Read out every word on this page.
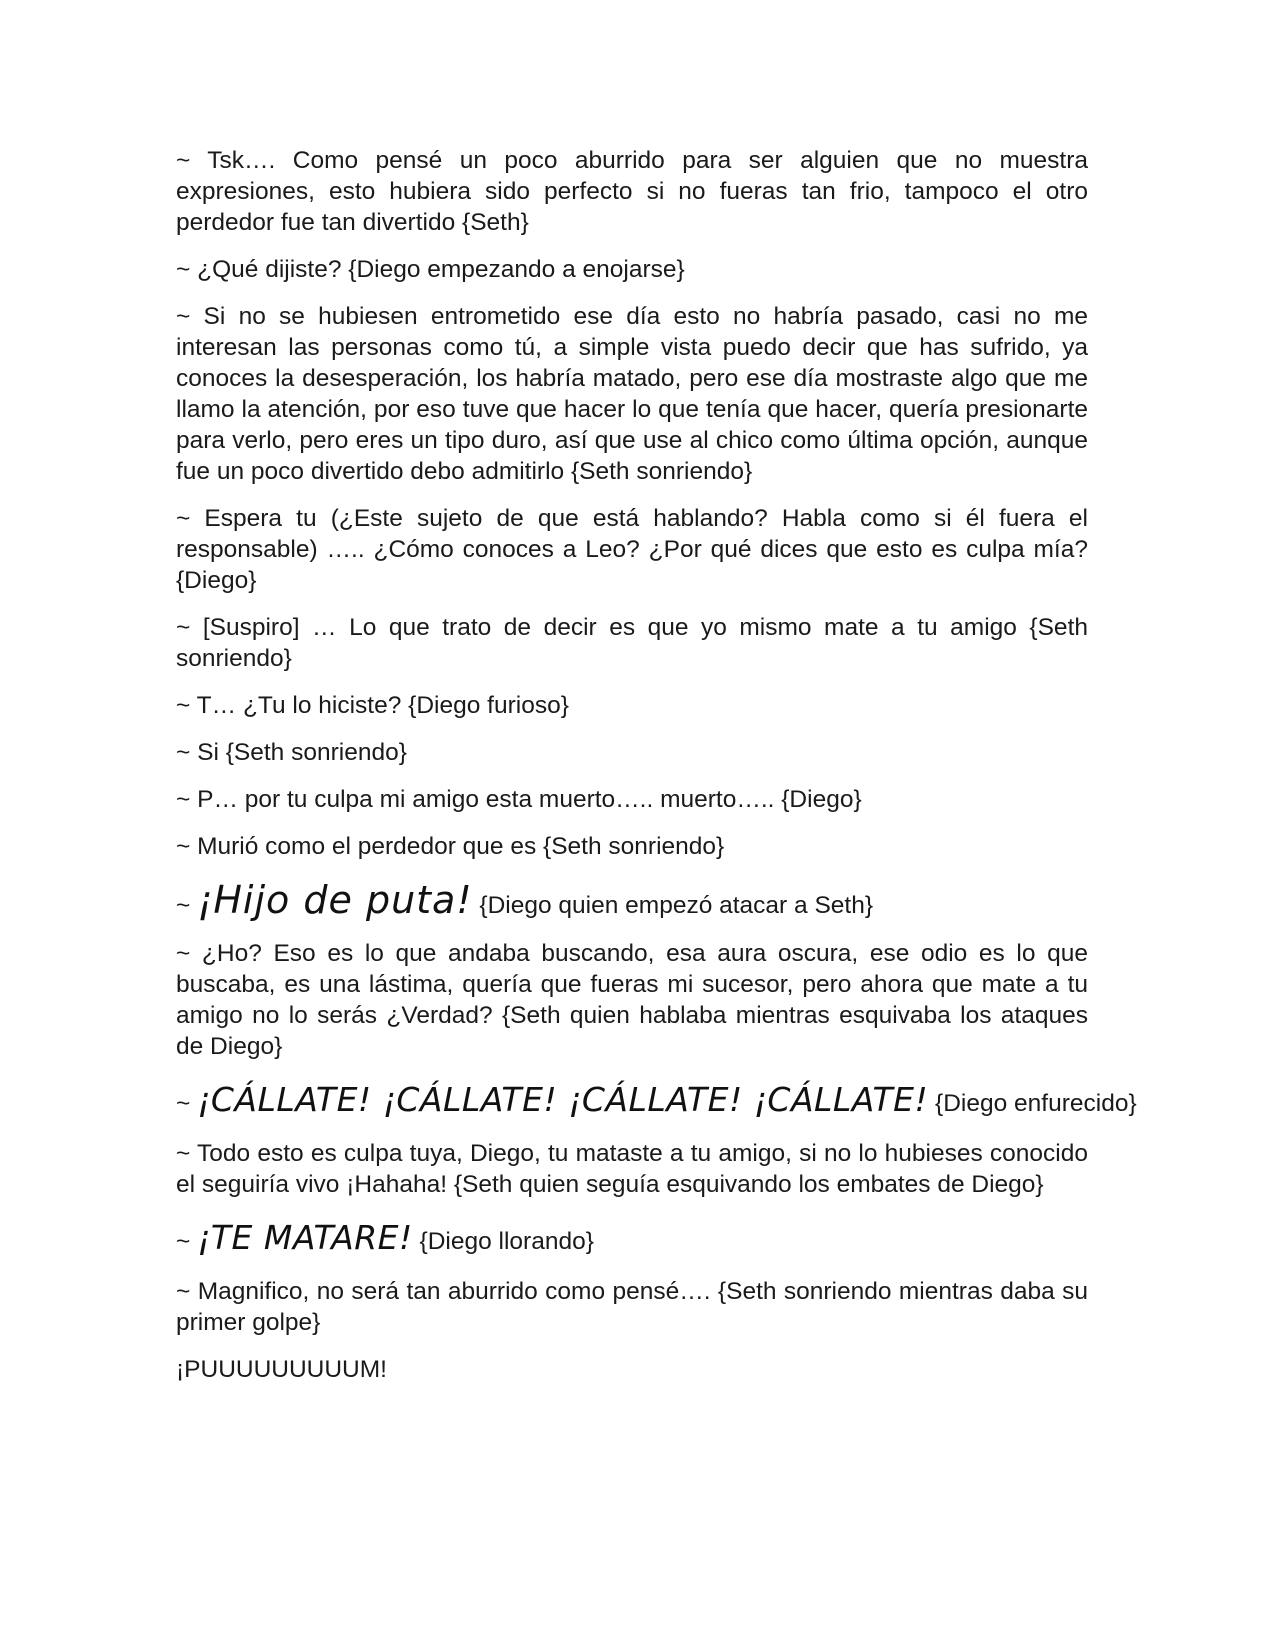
~ Tsk…. Como pensé un poco aburrido para ser alguien que no muestra expresiones, esto hubiera sido perfecto si no fueras tan frio, tampoco el otro perdedor fue tan divertido {Seth}

~ ¿Qué dijiste? {Diego empezando a enojarse}

~ Si no se hubiesen entrometido ese día esto no habría pasado, casi no me interesan las personas como tú, a simple vista puedo decir que has sufrido, ya conoces la desesperación, los habría matado, pero ese día mostraste algo que me llamo la atención, por eso tuve que hacer lo que tenía que hacer, quería presionarte para verlo, pero eres un tipo duro, así que use al chico como última opción, aunque fue un poco divertido debo admitirlo {Seth sonriendo}

~ Espera tu (¿Este sujeto de que está hablando? Habla como si él fuera el responsable) ….. ¿Cómo conoces a Leo? ¿Por qué dices que esto es culpa mía? {Diego}

~ [Suspiro] … Lo que trato de decir es que yo mismo mate a tu amigo {Seth sonriendo}

~ T… ¿Tu lo hiciste? {Diego furioso}

~ Si {Seth sonriendo}

~ P… por tu culpa mi amigo esta muerto….. muerto….. {Diego}

~ Murió como el perdedor que es {Seth sonriendo}

~ ¡Hijo de puta! {Diego quien empezó atacar a Seth}

~ ¿Ho? Eso es lo que andaba buscando, esa aura oscura, ese odio es lo que buscaba, es una lástima, quería que fueras mi sucesor, pero ahora que mate a tu amigo no lo serás ¿Verdad? {Seth quien hablaba mientras esquivaba los ataques de Diego}

~ ¡CÁLLATE! ¡CÁLLATE! ¡CÁLLATE! ¡CÁLLATE! {Diego enfurecido}

~ Todo esto es culpa tuya, Diego, tu mataste a tu amigo, si no lo hubieses conocido el seguiría vivo ¡Hahaha! {Seth quien seguía esquivando los embates de Diego}

~ ¡TE MATARE! {Diego llorando}

~ Magnifico, no será tan aburrido como pensé…. {Seth sonriendo mientras daba su primer golpe}

¡PUUUUUUUUUM!
